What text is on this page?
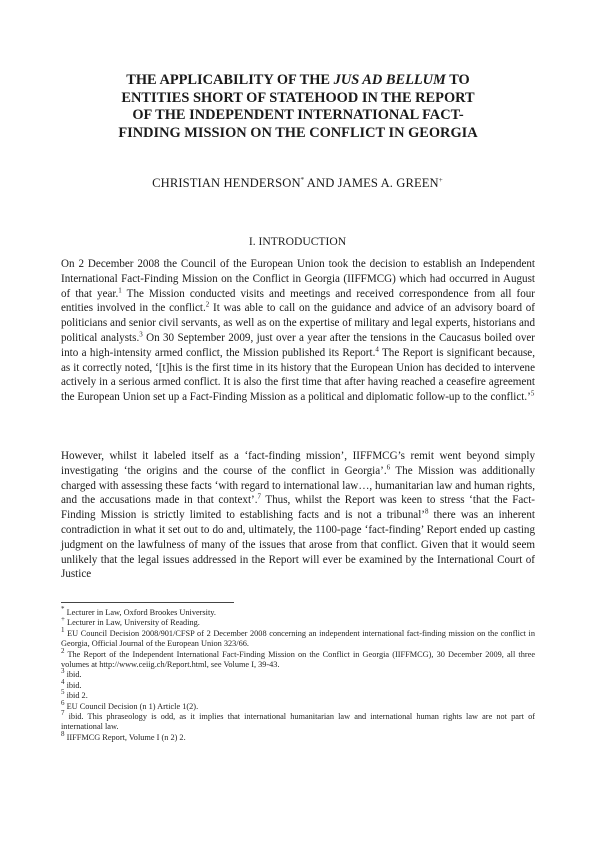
THE APPLICABILITY OF THE JUS AD BELLUM TO
ENTITIES SHORT OF STATEHOOD IN THE REPORT
OF THE INDEPENDENT INTERNATIONAL FACT-
FINDING MISSION ON THE CONFLICT IN GEORGIA
CHRISTIAN HENDERSON* AND JAMES A. GREEN+
I. INTRODUCTION

On 2 December 2008 the Council of the European Union took the decision to establish an Independent International Fact-Finding Mission on the Conflict in Georgia (IIFFMCG) which had occurred in August of that year.$^1$ The Mission conducted visits and meetings and received correspondence from all four entities involved in the conflict.$^2$ It was able to call on the guidance and advice of an advisory board of politicians and senior civil servants, as well as on the expertise of military and legal experts, historians and political analysts.$^3$ On 30 September 2009, just over a year after the tensions in the Caucasus boiled over into a high-intensity armed conflict, the Mission published its Report.$^4$ The Report is significant because, as it correctly noted, ‘[t]his is the first time in its history that the European Union has decided to intervene actively in a serious armed conflict. It is also the first time that after having reached a ceasefire agreement the European Union set up a Fact-Finding Mission as a political and diplomatic follow-up to the conflict.’$^5$

However, whilst it labeled itself as a ‘fact-finding mission’, IIFFMCG’s remit went beyond simply investigating ‘the origins and the course of the conflict in Georgia’.$^6$ The Mission was additionally charged with assessing these facts ‘with regard to international law…, humanitarian law and human rights, and the accusations made in that context’.$^7$ Thus, whilst the Report was keen to stress ‘that the Fact-Finding Mission is strictly limited to establishing facts and is not a tribunal’$^8$ there was an inherent contradiction in what it set out to do and, ultimately, the 1100-page ‘fact-finding’ Report ended up casting judgment on the lawfulness of many of the issues that arose from that conflict. Given that it would seem unlikely that the legal issues addressed in the Report will ever be examined by the International Court of Justice

* Lecturer in Law, Oxford Brookes University.

+ Lecturer in Law, University of Reading.

$^1$ EU Council Decision 2008/901/CFSP of 2 December 2008 concerning an independent international fact-finding mission on the conflict in Georgia, Official Journal of the European Union 323/66.

$^2$ The Report of the Independent International Fact-Finding Mission on the Conflict in Georgia (IIFFMCG), 30 December 2009, all three volumes at http://www.ceiig.ch/Report.html, see Volume I, 39-43.

$^3$ ibid.

$^4$ ibid.

$^5$ ibid 2.

$^6$ EU Council Decision (n 1) Article 1(2).

$^7$ ibid. This phraseology is odd, as it implies that international humanitarian law and international human rights law are not part of international law.

$^8$ IIFFMCG Report, Volume I (n 2) 2.
